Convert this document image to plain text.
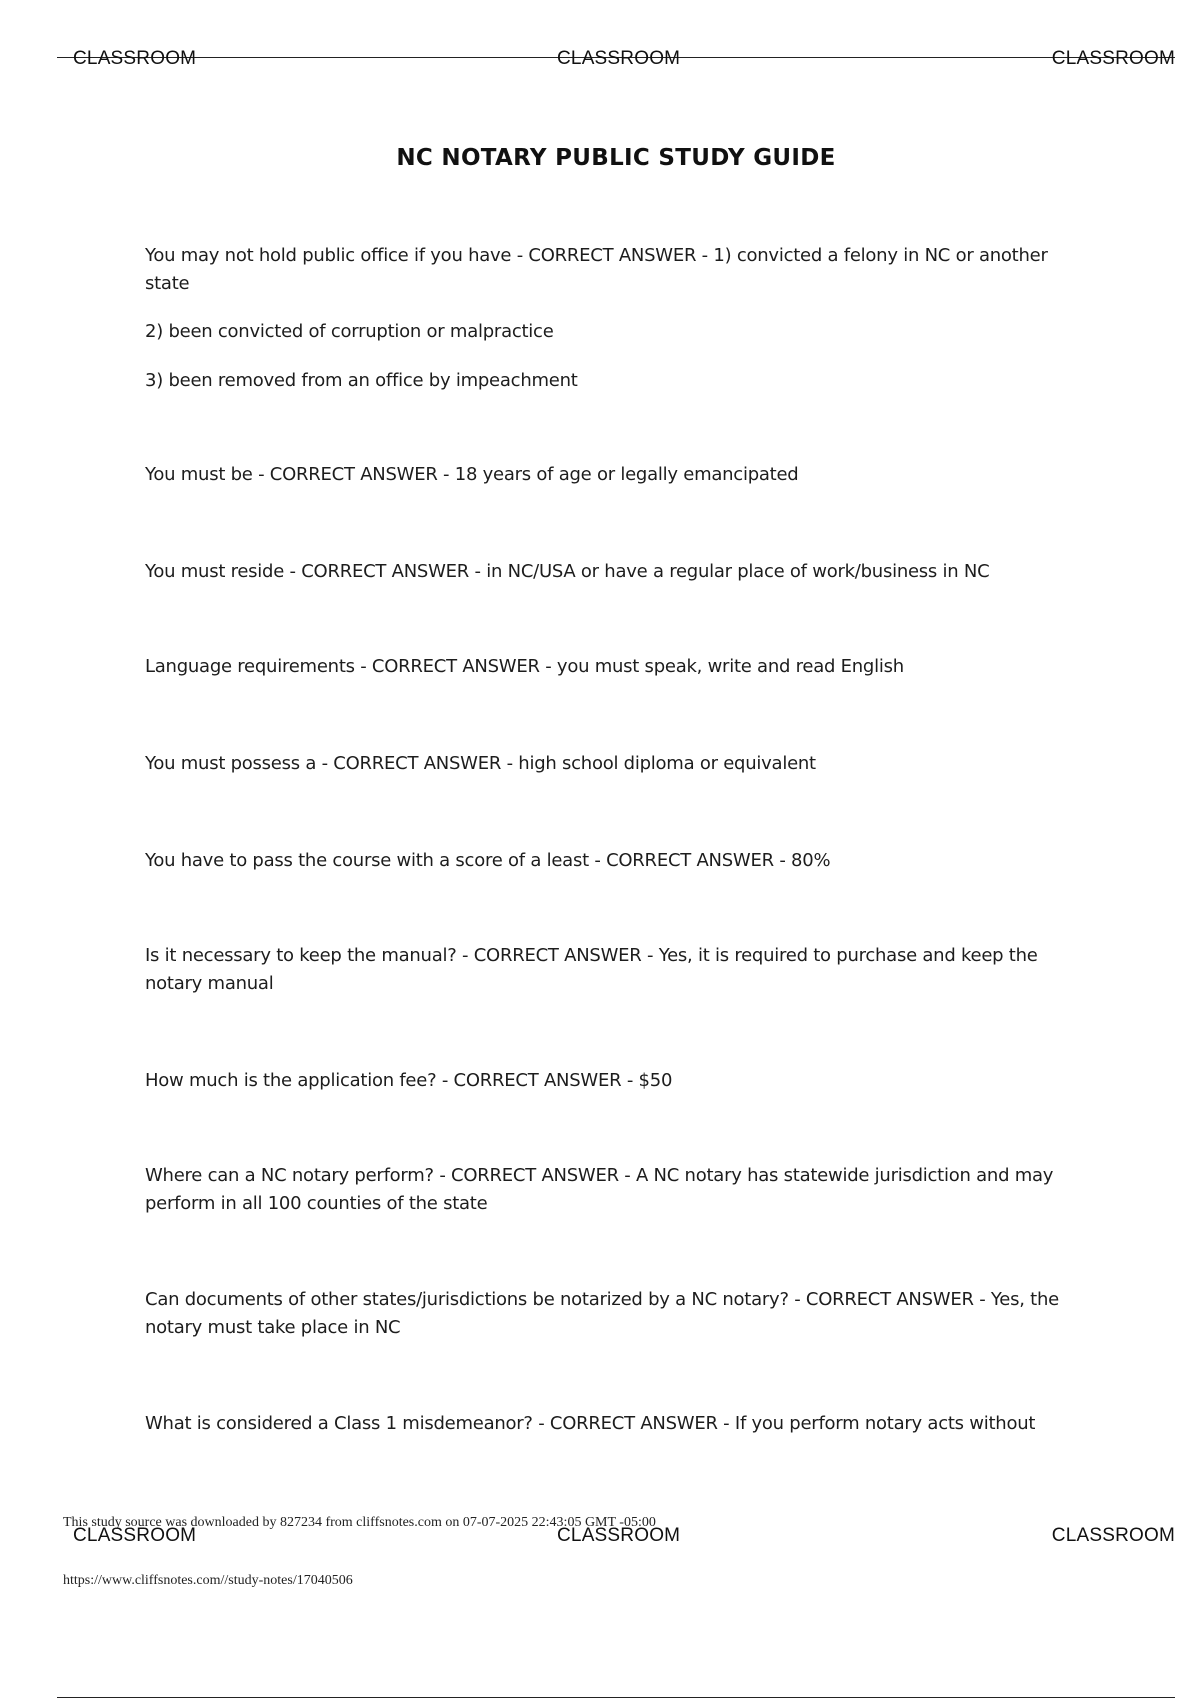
CLASSROOM	CLASSROOM	CLASSROOM
NC NOTARY PUBLIC STUDY GUIDE
You may not hold public office if you have - CORRECT ANSWER - 1) convicted a felony in NC or another state
2) been convicted of corruption or malpractice
3) been removed from an office by impeachment
You must be - CORRECT ANSWER - 18 years of age or legally emancipated
You must reside - CORRECT ANSWER - in NC/USA or have a regular place of work/business in NC
Language requirements - CORRECT ANSWER - you must speak, write and read English
You must possess a - CORRECT ANSWER - high school diploma or equivalent
You have to pass the course with a score of a least - CORRECT ANSWER - 80%
Is it necessary to keep the manual? - CORRECT ANSWER - Yes, it is required to purchase and keep the notary manual
How much is the application fee? - CORRECT ANSWER - $50
Where can a NC notary perform? - CORRECT ANSWER - A NC notary has statewide jurisdiction and may perform in all 100 counties of the state
Can documents of other states/jurisdictions be notarized by a NC notary? - CORRECT ANSWER - Yes, the notary must take place in NC
What is considered a Class 1 misdemeanor? - CORRECT ANSWER - If you perform notary acts without
CLASSROOM	CLASSROOM	CLASSROOM
This study source was downloaded by 827234 from cliffsnotes.com on 07-07-2025 22:43:05 GMT -05:00
https://www.cliffsnotes.com//study-notes/17040506
